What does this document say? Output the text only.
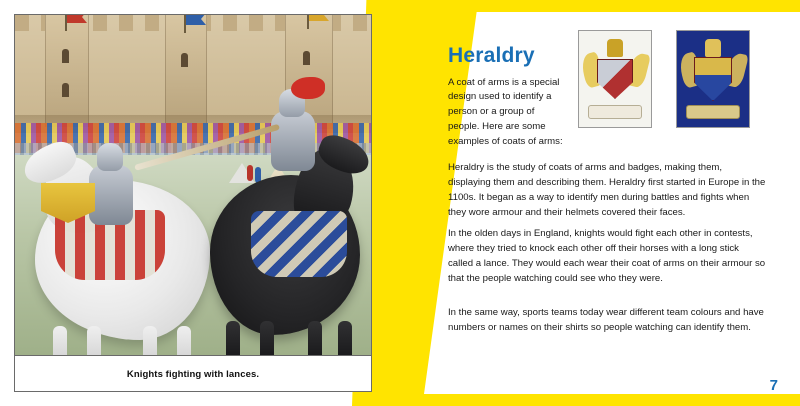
Knights fighting with lances.
Heraldry

A coat of arms is a special design used to identify a person or a group of people. Here are some examples of coats of arms:

Heraldry is the study of coats of arms and badges, making them, displaying them and describing them. Heraldry first started in Europe in the 1100s. It began as a way to identify men during battles and fights when they wore armour and their helmets covered their faces.

In the olden days in England, knights would fight each other in contests, where they tried to knock each other off their horses with a long stick called a lance. They would each wear their coat of arms on their armour so that the people watching could see who they were.

In the same way, sports teams today wear different team colours and have numbers or names on their shirts so people watching can identify them.

7
